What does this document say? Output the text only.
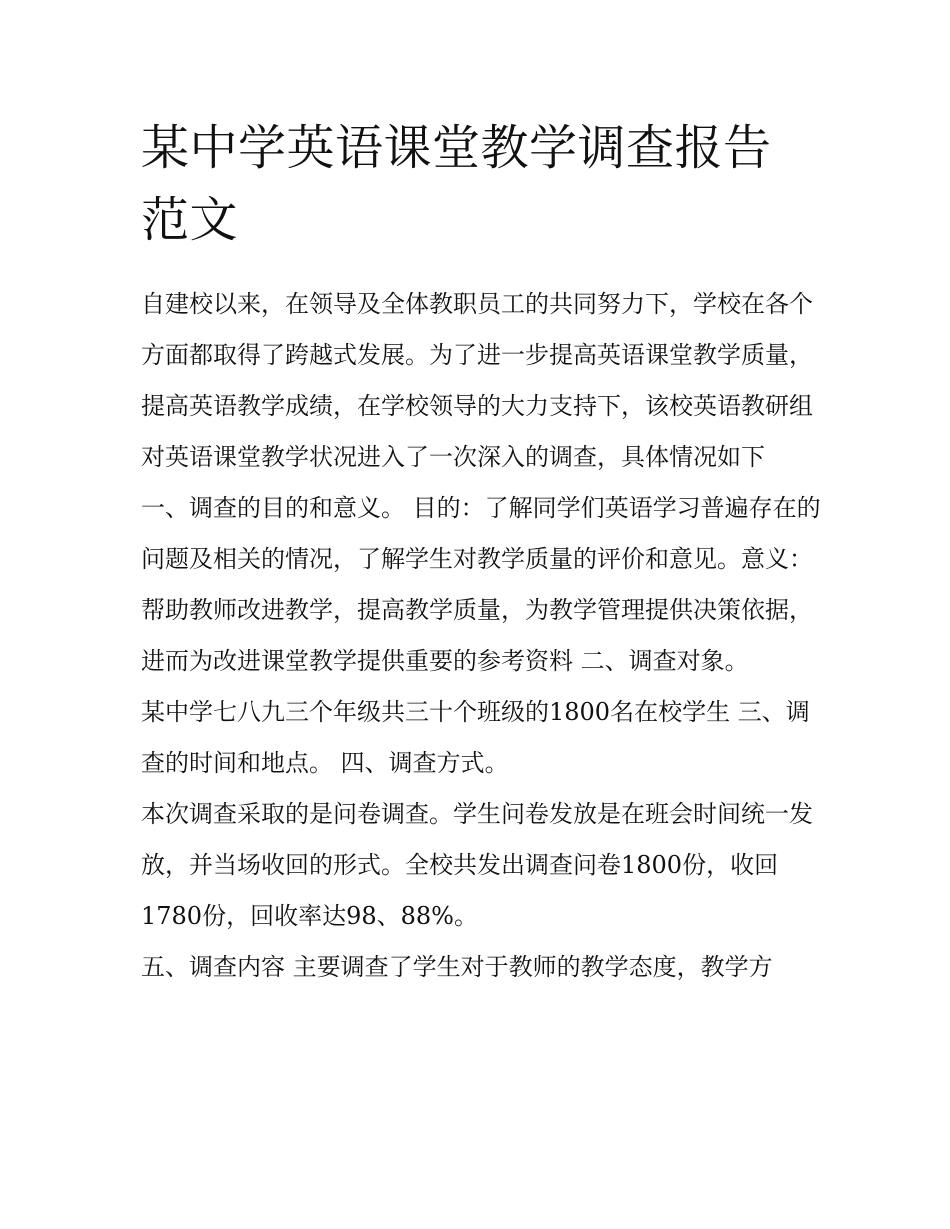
某中学英语课堂教学调查报告
范文

自建校以来，在领导及全体教职员工的共同努力下，学校在各个方面都取得了跨越式发展。为了进一步提高英语课堂教学质量，提高英语教学成绩，在学校领导的大力支持下，该校英语教研组对英语课堂教学状况进入了一次深入的调查，具体情况如下

一、调查的目的和意义。 目的：了解同学们英语学习普遍存在的问题及相关的情况，了解学生对教学质量的评价和意见。意义：帮助教师改进教学，提高教学质量，为教学管理提供决策依据，进而为改进课堂教学提供重要的参考资料 二、调查对象。

某中学七八九三个年级共三十个班级的1800名在校学生 三、调查的时间和地点。 四、调查方式。

本次调查采取的是问卷调查。学生问卷发放是在班会时间统一发放，并当场收回的形式。全校共发出调查问卷1800份，收回1780份，回收率达98、88%。

五、调查内容 主要调查了学生对于教师的教学态度，教学方
